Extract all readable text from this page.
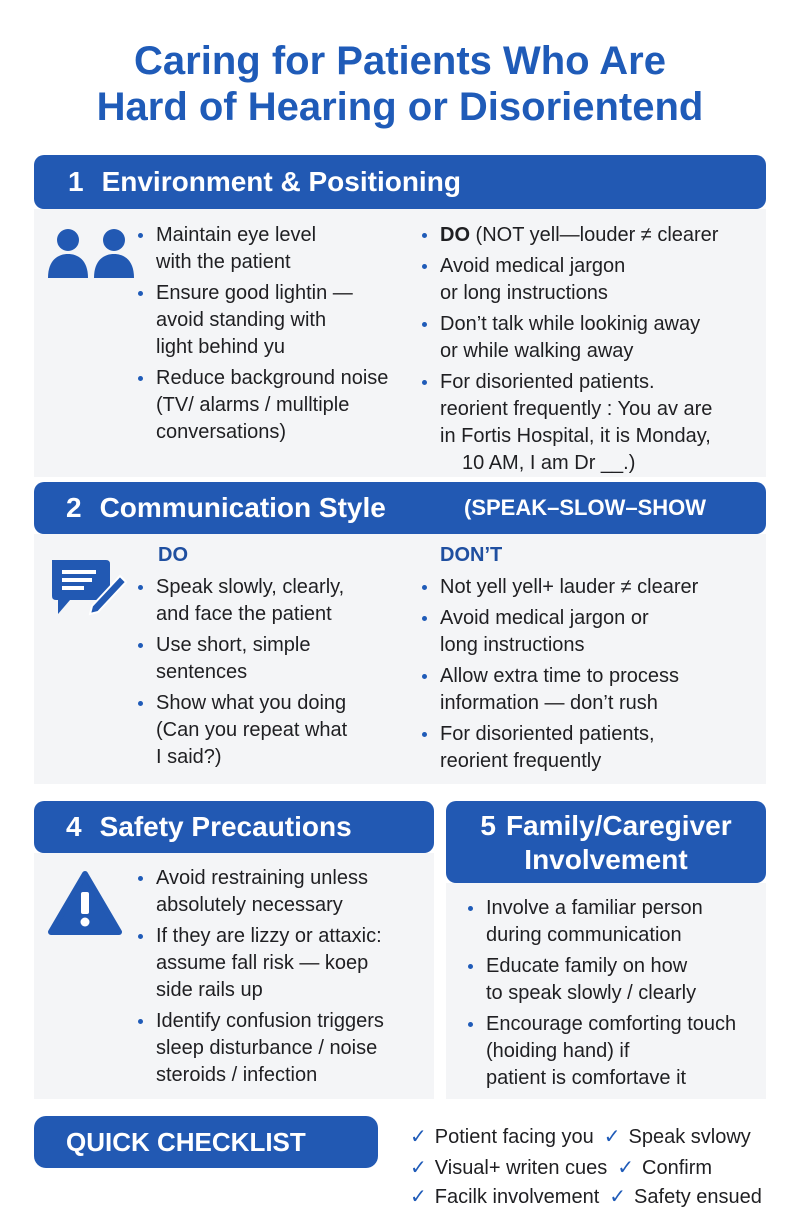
Caring for Patients Who Are
Hard of Hearing or Disorientend
1 Environment & Positioning
Maintain eye level
with the patient
Ensure good lightin —
avoid standing with
light behind yu
Reduce background noise
(TV/ alarms / mulltiple
conversations)
DO (NOT yell—louder ≠ clearer
Avoid medical jargon
or long instructions
Don’t talk while lookinig away
or while walking away
For disoriented patients.
reorient frequently : You av are
in Fortis Hospital, it is Monday,
10 AM, I am Dr __.)
2 Communication Style	(SPEAK–SLOW–SHOW
DO	DON’T
Speak slowly, clearly,
and face the patient
Use short, simple
sentences
Show what you doing
(Can you repeat what
I said?)
Not yell yell+ lauder ≠ clearer
Avoid medical jargon or
long instructions
Allow extra time to process
information — don’t rush
For disoriented patients,
reorient frequently
4 Safety Precautions
Avoid restraining unless
absolutely necessary
If they are lizzy or attaxic:
assume fall risk — koep
side rails up
Identify confusion triggers
sleep disturbance / noise
steroids / infection
5 Family/Caregiver
Involvement
Involve a familiar person
during communication
Educate family on how
to speak slowly / clearly
Encourage comforting touch
(hoiding hand) if
patient is comfortave it
QUICK CHECKLIST	✓ Potient facing you ✓ Speak svlowy
✓ Visual+ writen cues ✓ Confirm
✓ Facilk involvement ✓ Safety ensued
